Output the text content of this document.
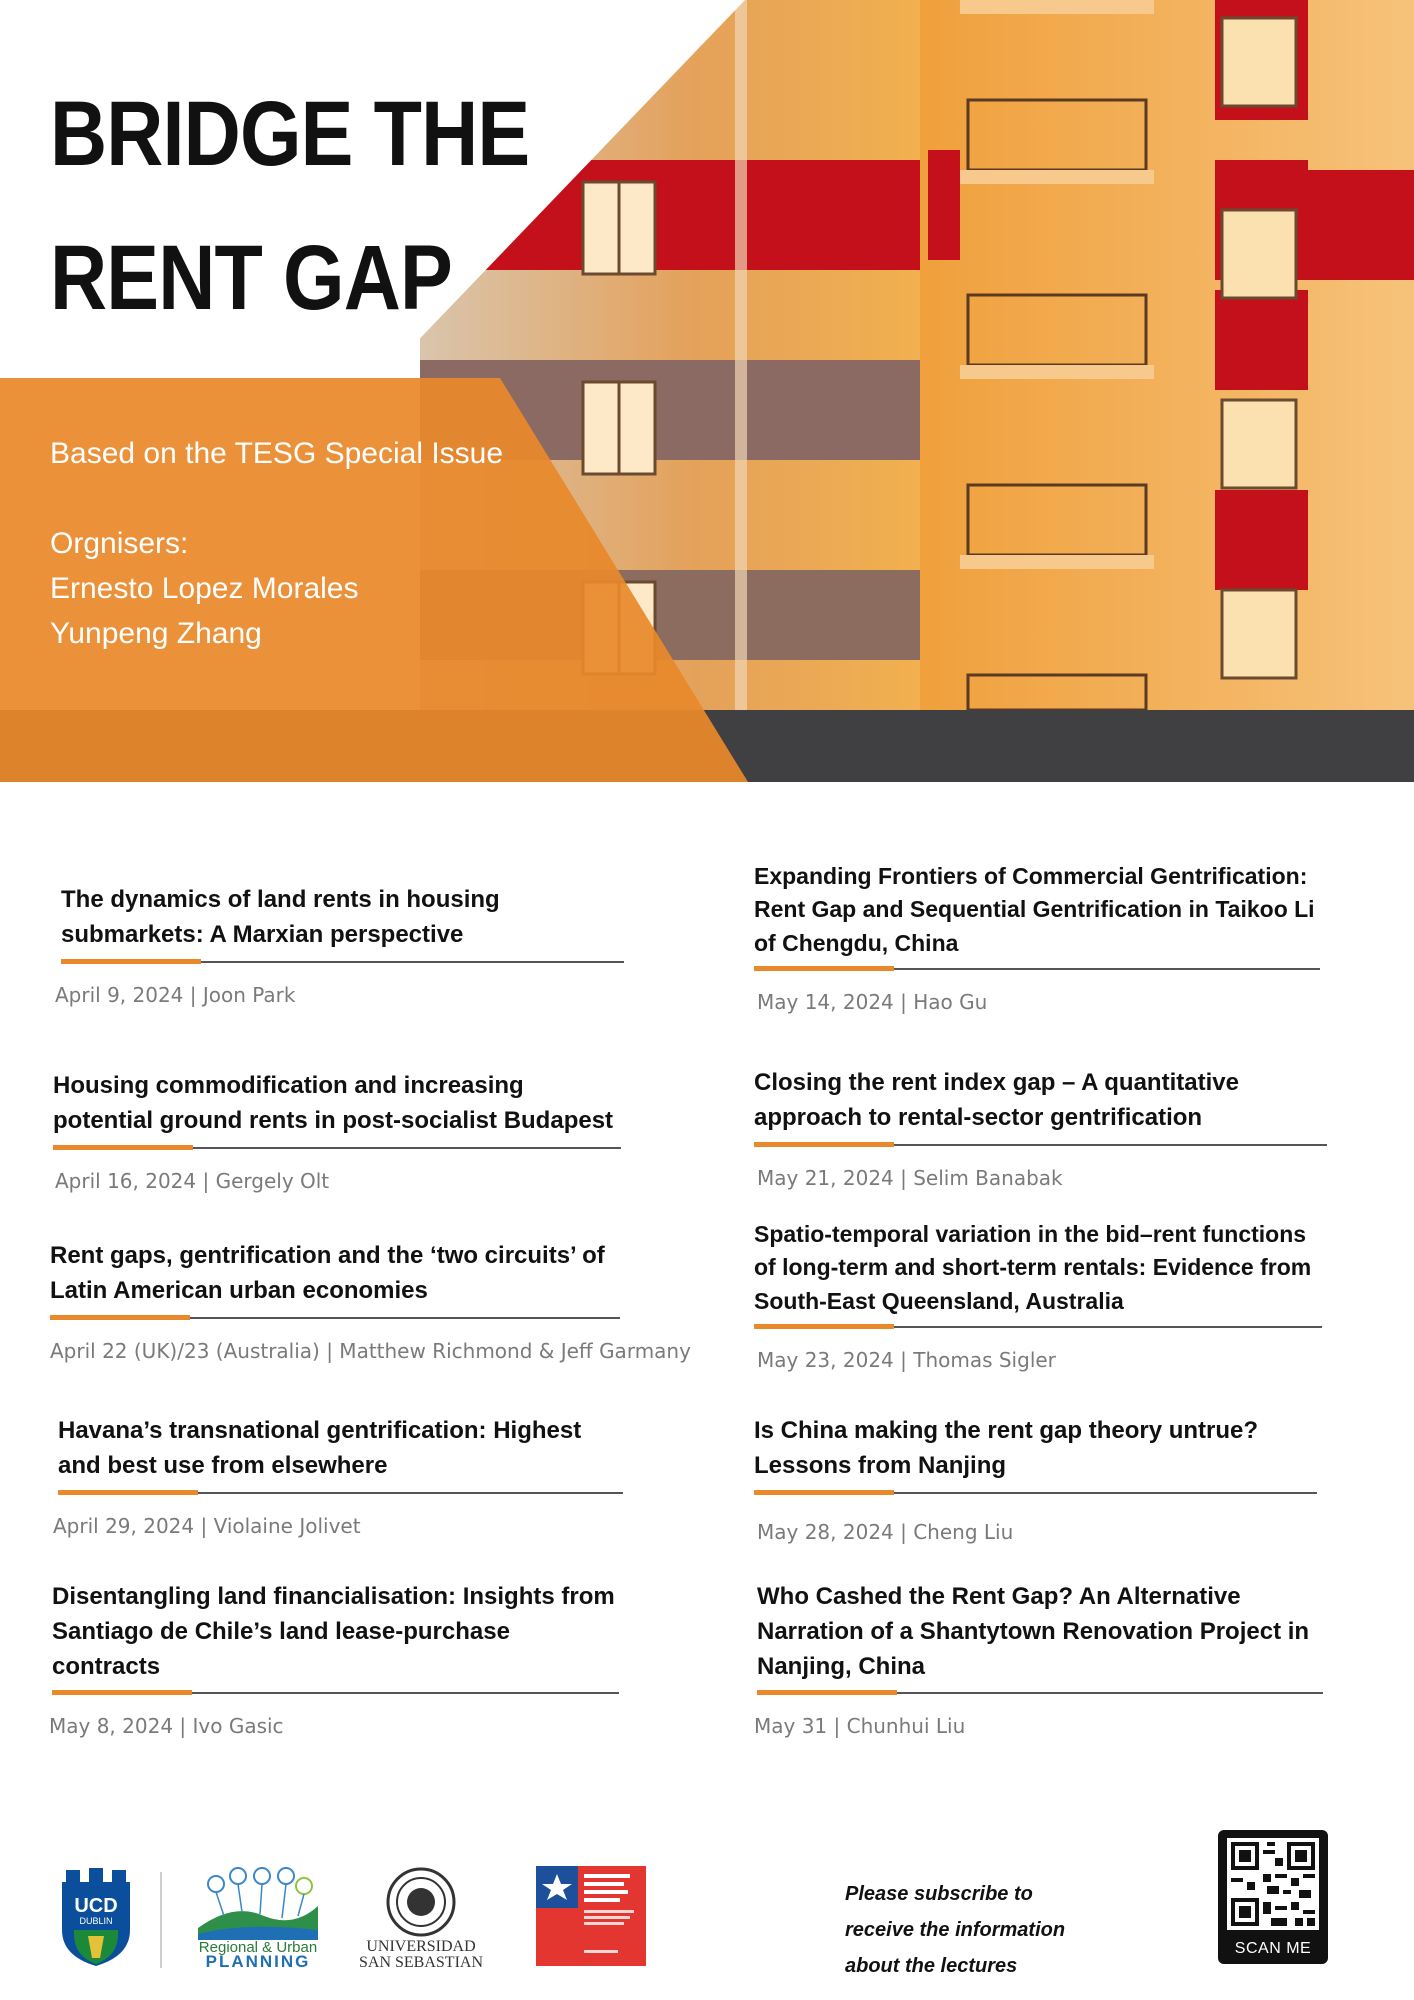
BRIDGE THE
RENT GAP
Based on the TESG Special Issue
Orgnisers:
Ernesto Lopez Morales
Yunpeng Zhang

The dynamics of land rents in housing submarkets: A Marxian perspective

April 9, 2024 | Joon Park

Housing commodification and increasing potential ground rents in post-socialist Budapest

April 16, 2024 | Gergely Olt

Rent gaps, gentrification and the ‘two circuits’ of Latin American urban economies

April 22 (UK)/23 (Australia) | Matthew Richmond & Jeff Garmany

Havana’s transnational gentrification: Highest and best use from elsewhere

April 29, 2024 | Violaine Jolivet

Disentangling land financialisation: Insights from Santiago de Chile’s land lease-purchase contracts

May 8, 2024 | Ivo Gasic

Expanding Frontiers of Commercial Gentrification: Rent Gap and Sequential Gentrification in Taikoo Li of Chengdu, China

May 14, 2024 | Hao Gu

Closing the rent index gap – A quantitative approach to rental-sector gentrification

May 21, 2024 | Selim Banabak

Spatio-temporal variation in the bid–rent functions of long-term and short-term rentals: Evidence from South-East Queensland, Australia

May 23, 2024 | Thomas Sigler

Is China making the rent gap theory untrue? Lessons from Nanjing

May 28, 2024 | Cheng Liu

Who Cashed the Rent Gap? An Alternative Narration of a Shantytown Renovation Project in Nanjing, China

May 31 | Chunhui Liu
UCD
DUBLIN
Regional & Urban
PLANNING
UNIVERSIDAD
SAN SEBASTIAN
Please subscribe to
receive the information
about the lectures
SCAN ME
